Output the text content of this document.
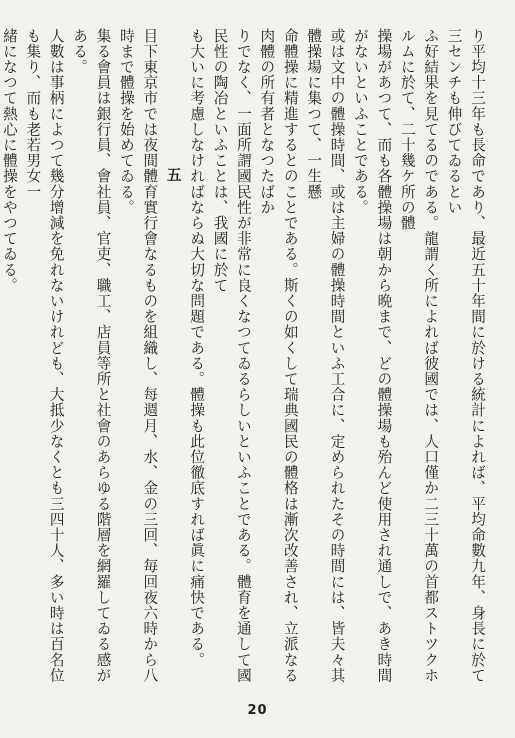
り平均十三年も長命であり、最近五十年間に於ける統計によれば、平均命數九年、身長に於て三センチも伸びてゐるとい

ふ好結果を見てるのである。龍謂く所によれば彼國では、人口僅か二三十萬の首都ストツクホルムに於て、二十幾ケ所の體

操場があつて、而も各體操場は朝から晩まで、どの體操場も殆んど使用され通しで、あき時間がないといふことである。

或は文中の體操時間、或は主婦の體操時間といふ工合に、定められたその時間には、皆夫々其體操場に集つて、一生懸

命體操に精進するとのことである。斯くの如くして瑞典國民の體格は漸次改善され、立派なる肉體の所有者となつたばか

りでなく、一面所謂國民性が非常に良くなつてゐるらしいといふことである。體育を通して國民性の陶冶といふことは、我國に於て

も大いに考慮しなければならぬ大切な問題である。體操も此位徹底すれば眞に痛快である。

五

目下東京市では夜間體育實行會なるものを組織し、每週月、水、金の三回、毎回夜六時から八時まで體操を始めてゐる。

集る會員は銀行員、會社員、官吏、職工、店員等所と社會のあらゆる階層を網羅してゐる感がある。

人數は事柄によつて幾分增減を免れないけれども、大抵少なくとも三四十人、多い時は百名位も集り、而も老若男女一

緒になつて熱心に體操をやつてゐる。

20
